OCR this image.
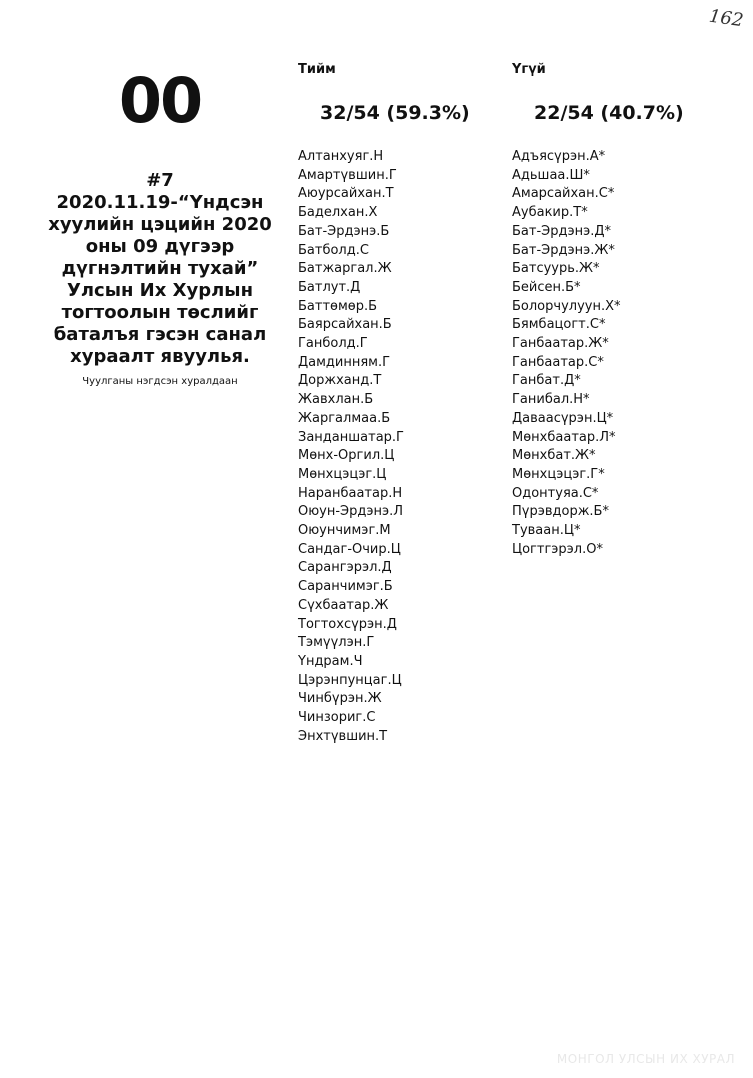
162
00
#7
2020.11.19-“Үндсэн хуулийн цэцийн 2020 оны 09 дүгээр дүгнэлтийн тухай” Улсын Их Хурлын тогтоолын төслийг баталъя гэсэн санал хураалт явуулья.
Чуулганы нэгдсэн хуралдаан
Тийм
32/54 (59.3%)
Алтанхуяг.Н
Амартүвшин.Г
Аюурсайхан.Т
Баделхан.Х
Бат-Эрдэнэ.Б
Батболд.С
Батжаргал.Ж
Батлут.Д
Баттөмөр.Б
Баярсайхан.Б
Ганболд.Г
Дамдинням.Г
Доржханд.Т
Жавхлан.Б
Жаргалмаа.Б
Занданшатар.Г
Мөнх-Оргил.Ц
Мөнхцэцэг.Ц
Наранбаатар.Н
Оюун-Эрдэнэ.Л
Оюунчимэг.М
Сандаг-Очир.Ц
Сарангэрэл.Д
Саранчимэг.Б
Сүхбаатар.Ж
Тогтохсүрэн.Д
Тэмүүлэн.Г
Үндрам.Ч
Цэрэнпунцаг.Ц
Чинбүрэн.Ж
Чинзориг.С
Энхтүвшин.Т
Үгүй
22/54 (40.7%)
Адъясүрэн.А*
Адьшаа.Ш*
Амарсайхан.С*
Аубакир.Т*
Бат-Эрдэнэ.Д*
Бат-Эрдэнэ.Ж*
Батсуурь.Ж*
Бейсен.Б*
Болорчулуун.Х*
Бямбацогт.С*
Ганбаатар.Ж*
Ганбаатар.С*
Ганбат.Д*
Ганибал.Н*
Даваасүрэн.Ц*
Мөнхбаатар.Л*
Мөнхбат.Ж*
Мөнхцэцэг.Г*
Одонтуяа.С*
Пүрэвдорж.Б*
Туваан.Ц*
Цогтгэрэл.О*
МОНГОЛ УЛСЫН ИХ ХУРАЛ
